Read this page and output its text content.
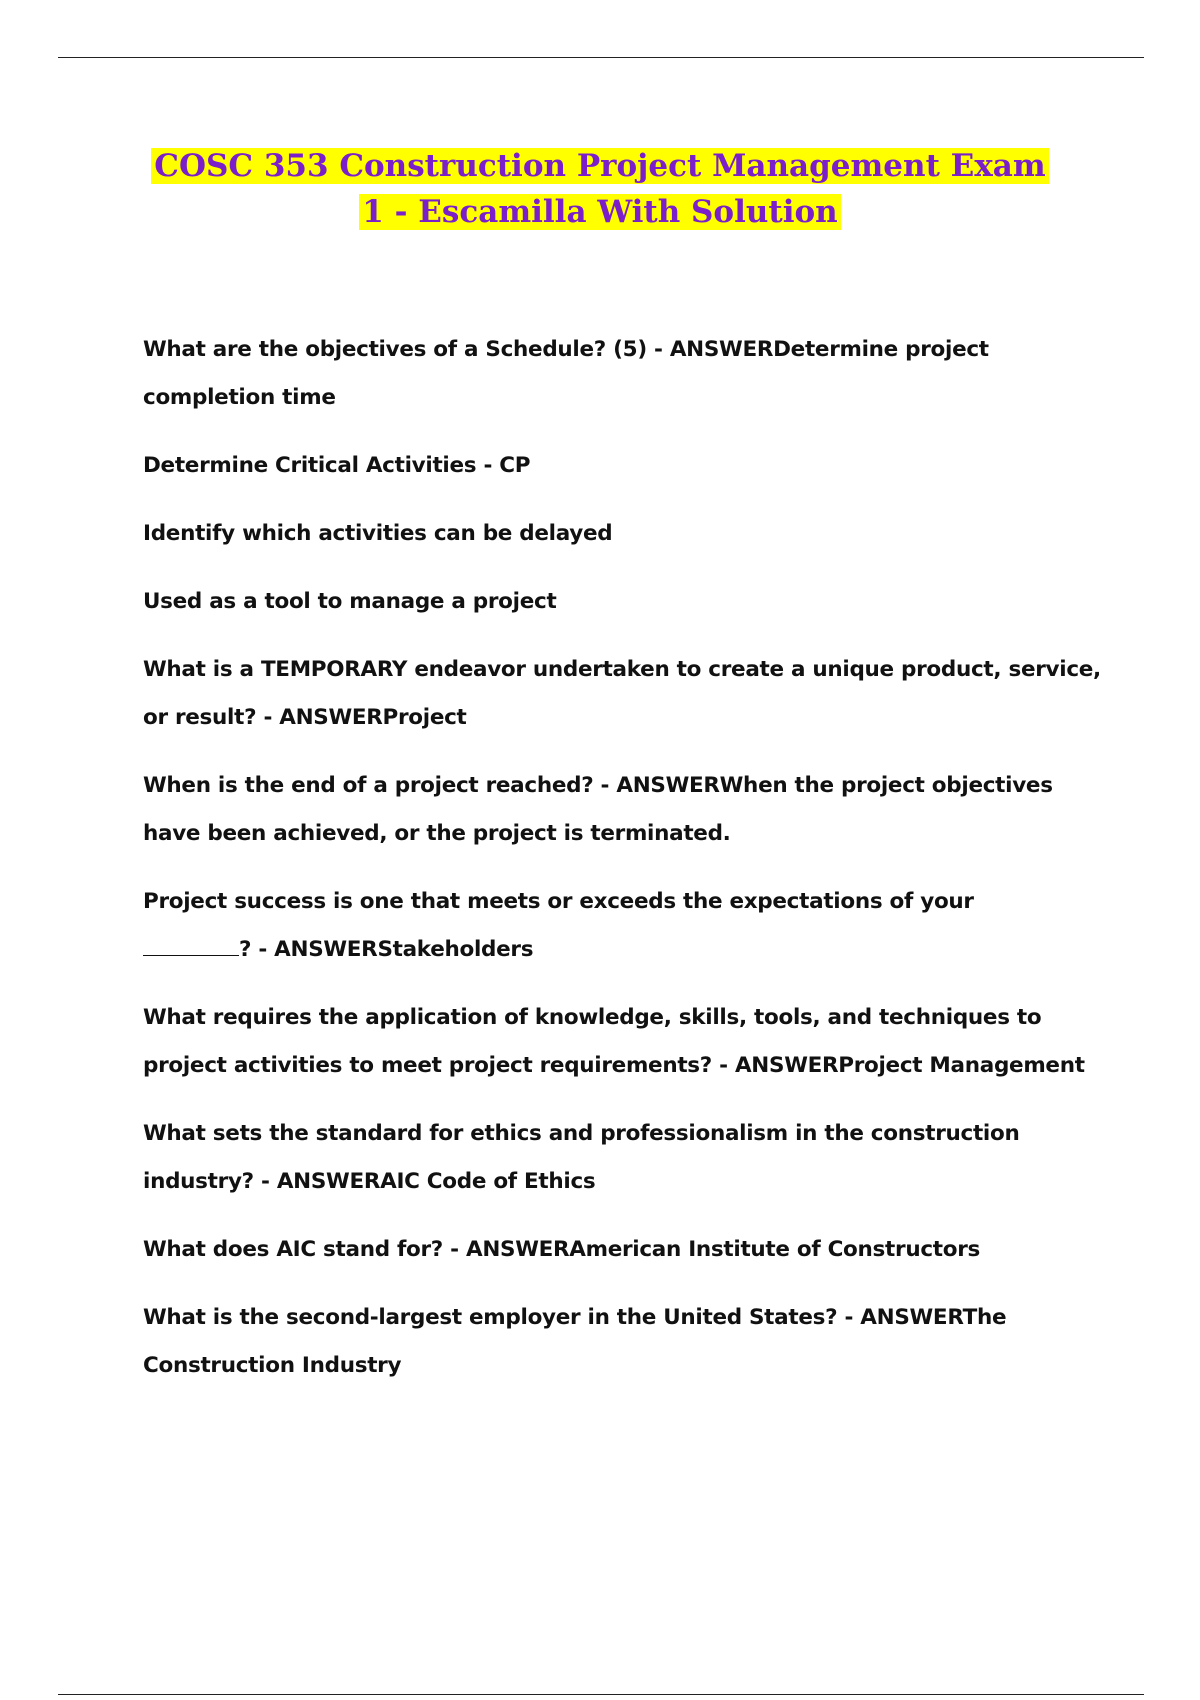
COSC 353 Construction Project Management Exam
1 - Escamilla With Solution

What are the objectives of a Schedule? (5) - ANSWERDetermine project completion time

Determine Critical Activities - CP

Identify which activities can be delayed

Used as a tool to manage a project

What is a TEMPORARY endeavor undertaken to create a unique product, service, or result? - ANSWERProject

When is the end of a project reached? - ANSWERWhen the project objectives have been achieved, or the project is terminated.

Project success is one that meets or exceeds the expectations of your
? - ANSWERStakeholders

What requires the application of knowledge, skills, tools, and techniques to project activities to meet project requirements? - ANSWERProject Management

What sets the standard for ethics and professionalism in the construction industry? - ANSWERAIC Code of Ethics

What does AIC stand for? - ANSWERAmerican Institute of Constructors

What is the second-largest employer in the United States? - ANSWERThe Construction Industry
